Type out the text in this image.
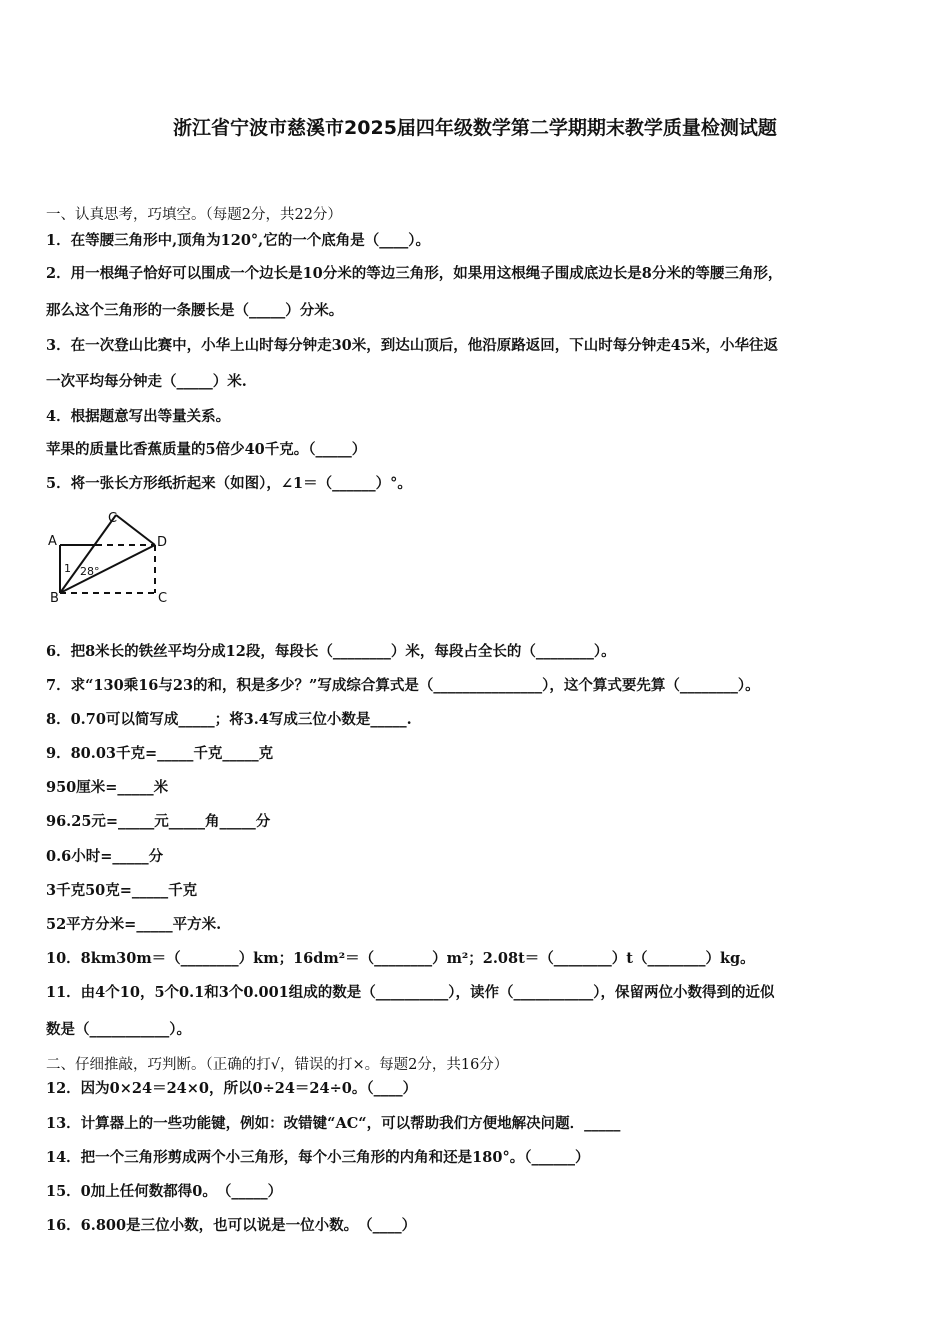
浙江省宁波市慈溪市2025届四年级数学第二学期期末教学质量检测试题
一、认真思考，巧填空。（每题2分，共22分）
1．在等腰三角形中,顶角为120°,它的一个底角是（____）。
2．用一根绳子恰好可以围成一个边长是10分米的等边三角形，如果用这根绳子围成底边长是8分米的等腰三角形，
那么这个三角形的一条腰长是（_____）分米。
3．在一次登山比赛中，小华上山时每分钟走30米，到达山顶后，他沿原路返回，下山时每分钟走45米，小华往返
一次平均每分钟走（_____）米.
4．根据题意写出等量关系。
苹果的质量比香蕉质量的5倍少40千克。（_____）
5．将一张长方形纸折起来（如图），∠1＝（______）°。
A
B
C
D
C
1 28°
6．把8米长的铁丝平均分成12段，每段长（________）米，每段占全长的（________）。
7．求“130乘16与23的和，积是多少？”写成综合算式是（_______________），这个算式要先算（________）。
8．0.70可以简写成_____；将3.4写成三位小数是_____.
9．80.03千克=_____千克_____克
950厘米=_____米
96.25元=_____元_____角_____分
0.6小时=_____分
3千克50克=_____千克
52平方分米=_____平方米.
10．8km30m＝（________）km；16dm²＝（________）m²；2.08t＝（________）t（________）kg。
11．由4个10，5个0.1和3个0.001组成的数是（__________），读作（___________），保留两位小数得到的近似
数是（___________）。
二、仔细推敲，巧判断。（正确的打√，错误的打×。每题2分，共16分）
12．因为0×24＝24×0，所以0÷24＝24÷0。（____）
13．计算器上的一些功能键，例如：改错键“AC“，可以帮助我们方便地解决问题．_____
14．把一个三角形剪成两个小三角形，每个小三角形的内角和还是180°。（______）
15．0加上任何数都得0。　（_____）
16．6.800是三位小数，也可以说是一位小数。　（____）
